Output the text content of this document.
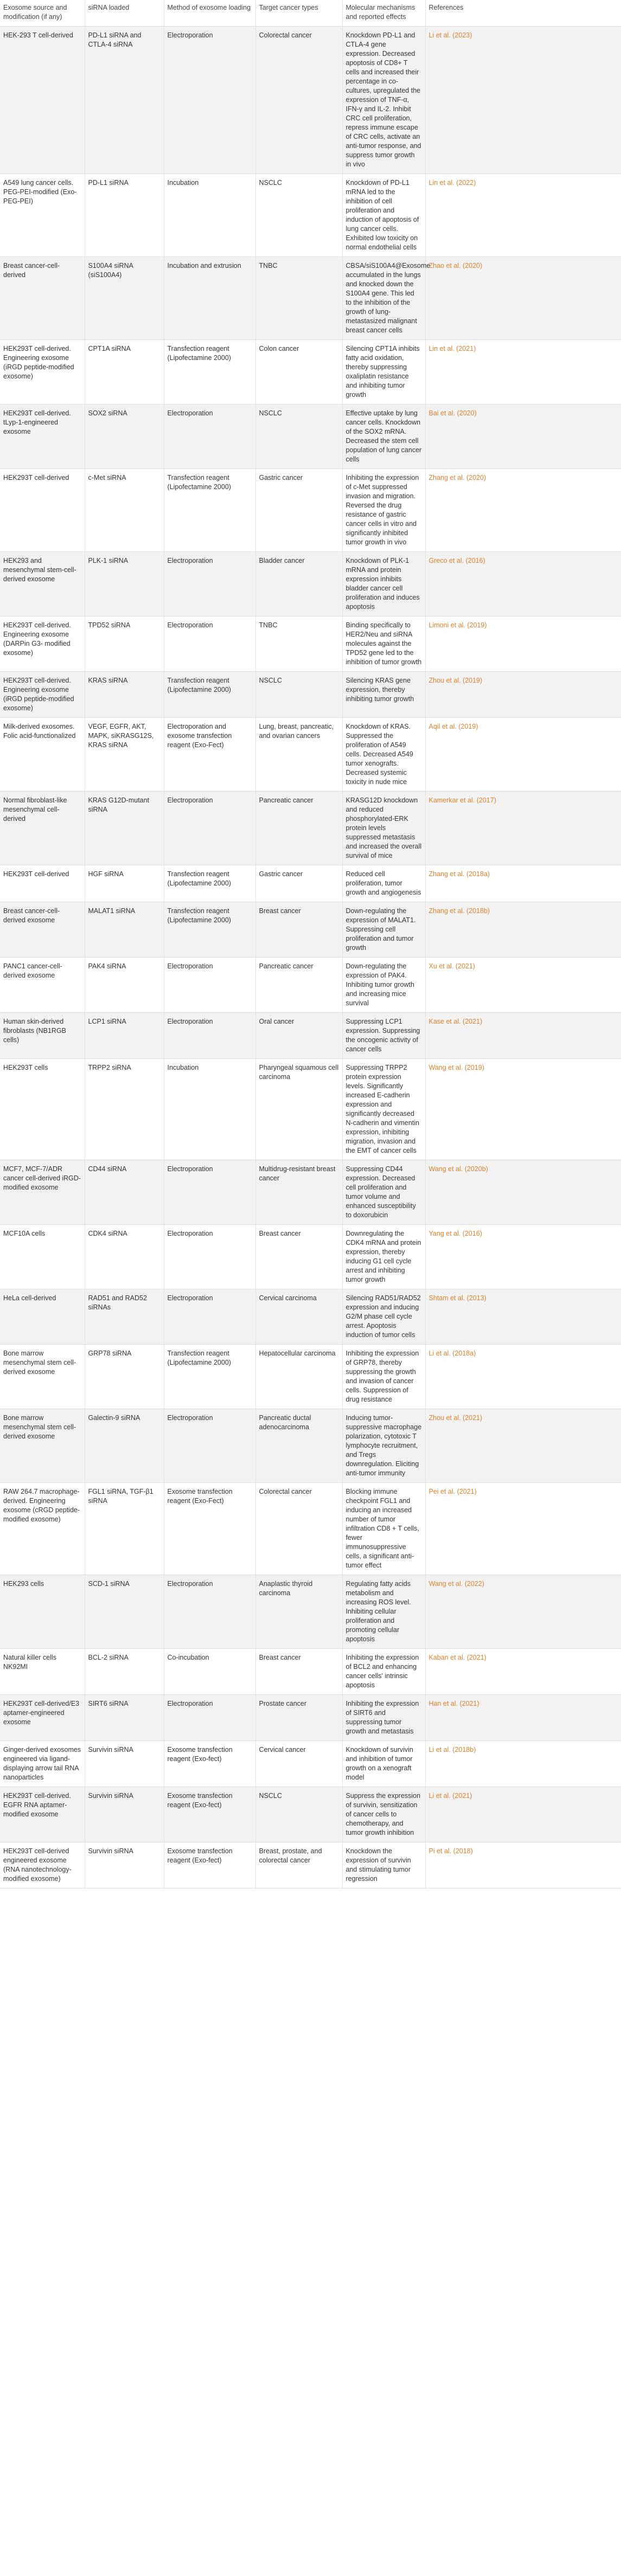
Exosome source and modification (if any)	siRNA loaded	Method of exosome loading	Target cancer types	Molecular mechanisms and reported effects	References
HEK-293 T cell-derived	PD-L1 siRNA and CTLA-4 siRNA	Electroporation	Colorectal cancer	Knockdown PD-L1 and CTLA-4 gene expression. Decreased apoptosis of CD8+ T cells and increased their percentage in co-cultures, upregulated the expression of TNF-α, IFN-γ and IL-2. Inhibit CRC cell proliferation, repress immune escape of CRC cells, activate an anti-tumor response, and suppress tumor growth in vivo	Li et al. (2023)
A549 lung cancer cells. PEG-PEI-modified (Exo-PEG-PEI)	PD-L1 siRNA	Incubation	NSCLC	Knockdown of PD-L1 mRNA led to the inhibition of cell proliferation and induction of apoptosis of lung cancer cells. Exhibited low toxicity on normal endothelial cells	Lin et al. (2022)
Breast cancer-cell-derived	S100A4 siRNA (siS100A4)	Incubation and extrusion	TNBC	CBSA/siS100A4@Exosome accumulated in the lungs and knocked down the S100A4 gene. This led to the inhibition of the growth of lung-metastasized malignant breast cancer cells	Zhao et al. (2020)
HEK293T cell-derived. Engineering exosome (iRGD peptide-modified exosome)	CPT1A siRNA	Transfection reagent (Lipofectamine 2000)	Colon cancer	Silencing CPT1A inhibits fatty acid oxidation, thereby suppressing oxaliplatin resistance and inhibiting tumor growth	Lin et al. (2021)
HEK293T cell-derived. tLyp-1-engineered exosome	SOX2 siRNA	Electroporation	NSCLC	Effective uptake by lung cancer cells. Knockdown of the SOX2 mRNA. Decreased the stem cell population of lung cancer cells	Bai et al. (2020)
HEK293T cell-derived	c-Met siRNA	Transfection reagent (Lipofectamine 2000)	Gastric cancer	Inhibiting the expression of c-Met suppressed invasion and migration. Reversed the drug resistance of gastric cancer cells in vitro and significantly inhibited tumor growth in vivo	Zhang et al. (2020)
HEK293 and mesenchymal stem-cell-derived exosome	PLK-1 siRNA	Electroporation	Bladder cancer	Knockdown of PLK-1 mRNA and protein expression inhibits bladder cancer cell proliferation and induces apoptosis	Greco et al. (2016)
HEK293T cell-derived. Engineering exosome (DARPin G3- modified exosome)	TPD52 siRNA	Electroporation	TNBC	Binding specifically to HER2/Neu and siRNA molecules against the TPD52 gene led to the inhibition of tumor growth	Limoni et al. (2019)
HEK293T cell-derived. Engineering exosome (iRGD peptide-modified exosome)	KRAS siRNA	Transfection reagent (Lipofectamine 2000)	NSCLC	Silencing KRAS gene expression, thereby inhibiting tumor growth	Zhou et al. (2019)
Milk-derived exosomes. Folic acid-functionalized	VEGF, EGFR, AKT, MAPK, siKRASG12S, KRAS siRNA	Electroporation and exosome transfection reagent (Exo-Fect)	Lung, breast, pancreatic, and ovarian cancers	Knockdown of KRAS. Suppressed the proliferation of A549 cells. Decreased A549 tumor xenografts. Decreased systemic toxicity in nude mice	Aqil et al. (2019)
Normal fibroblast-like mesenchymal cell-derived	KRAS G12D-mutant siRNA	Electroporation	Pancreatic cancer	KRASG12D knockdown and reduced phosphorylated-ERK protein levels suppressed metastasis and increased the overall survival of mice	Kamerkar et al. (2017)
HEK293T cell-derived	HGF siRNA	Transfection reagent (Lipofectamine 2000)	Gastric cancer	Reduced cell proliferation, tumor growth and angiogenesis	Zhang et al. (2018a)
Breast cancer-cell-derived exosome	MALAT1 siRNA	Transfection reagent (Lipofectamine 2000)	Breast cancer	Down-regulating the expression of MALAT1. Suppressing cell proliferation and tumor growth	Zhang et al. (2018b)
PANC1 cancer-cell-derived exosome	PAK4 siRNA	Electroporation	Pancreatic cancer	Down-regulating the expression of PAK4. Inhibiting tumor growth and increasing mice survival	Xu et al. (2021)
Human skin-derived fibroblasts (NB1RGB cells)	LCP1 siRNA	Electroporation	Oral cancer	Suppressing LCP1 expression. Suppressing the oncogenic activity of cancer cells	Kase et al. (2021)
HEK293T cells	TRPP2 siRNA	Incubation	Pharyngeal squamous cell carcinoma	Suppressing TRPP2 protein expression levels. Significantly increased E-cadherin expression and significantly decreased N-cadherin and vimentin expression, inhibiting migration, invasion and the EMT of cancer cells	Wang et al. (2019)
MCF7, MCF-7/ADR cancer cell-derived iRGD-modified exosome	CD44 siRNA	Electroporation	Multidrug-resistant breast cancer	Suppressing CD44 expression. Decreased cell proliferation and tumor volume and enhanced susceptibility to doxorubicin	Wang et al. (2020b)
MCF10A cells	CDK4 siRNA	Electroporation	Breast cancer	Downregulating the CDK4 mRNA and protein expression, thereby inducing G1 cell cycle arrest and inhibiting tumor growth	Yang et al. (2016)
HeLa cell-derived	RAD51 and RAD52 siRNAs	Electroporation	Cervical carcinoma	Silencing RAD51/RAD52 expression and inducing G2/M phase cell cycle arrest. Apoptosis induction of tumor cells	Shtam et al. (2013)
Bone marrow mesenchymal stem cell-derived exosome	GRP78 siRNA	Transfection reagent (Lipofectamine 2000)	Hepatocellular carcinoma	Inhibiting the expression of GRP78, thereby suppressing the growth and invasion of cancer cells. Suppression of drug resistance	Li et al. (2018a)
Bone marrow mesenchymal stem cell-derived exosome	Galectin-9 siRNA	Electroporation	Pancreatic ductal adenocarcinoma	Inducing tumor-suppressive macrophage polarization, cytotoxic T lymphocyte recruitment, and Tregs downregulation. Eliciting anti-tumor immunity	Zhou et al. (2021)
RAW 264.7 macrophage-derived. Engineering exosome (cRGD peptide-modified exosome)	FGL1 siRNA, TGF-β1 siRNA	Exosome transfection reagent (Exo-Fect)	Colorectal cancer	Blocking immune checkpoint FGL1 and inducing an increased number of tumor infiltration CD8 + T cells, fewer immunosuppressive cells, a significant anti-tumor effect	Pei et al. (2021)
HEK293 cells	SCD-1 siRNA	Electroporation	Anaplastic thyroid carcinoma	Regulating fatty acids metabolism and increasing ROS level. Inhibiting cellular proliferation and promoting cellular apoptosis	Wang et al. (2022)
Natural killer cells NK92MI	BCL-2 siRNA	Co-incubation	Breast cancer	Inhibiting the expression of BCL2 and enhancing cancer cells' intrinsic apoptosis	Kaban et al. (2021)
HEK293T cell-derived/E3 aptamer-engineered exosome	SIRT6 siRNA	Electroporation	Prostate cancer	Inhibiting the expression of SIRT6 and suppressing tumor growth and metastasis	Han et al. (2021)
Ginger-derived exosomes engineered via ligand-displaying arrow tail RNA nanoparticles	Survivin siRNA	Exosome transfection reagent (Exo-fect)	Cervical cancer	Knockdown of survivin and inhibition of tumor growth on a xenograft model	Li et al. (2018b)
HEK293T cell-derived. EGFR RNA aptamer-modified exosome	Survivin siRNA	Exosome transfection reagent (Exo-fect)	NSCLC	Suppress the expression of survivin, sensitization of cancer cells to chemotherapy, and tumor growth inhibition	Li et al. (2021)
HEK293T cell-derived engineered exosome (RNA nanotechnology-modified exosome)	Survivin siRNA	Exosome transfection reagent (Exo-fect)	Breast, prostate, and colorectal cancer	Knockdown the expression of survivin and stimulating tumor regression	Pi et al. (2018)
